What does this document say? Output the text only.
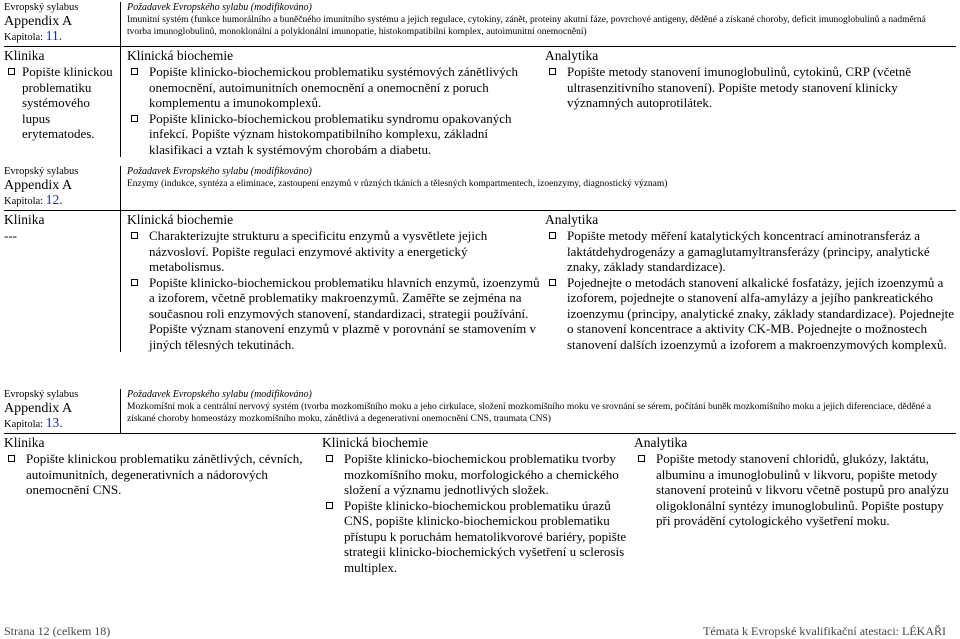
Evropský sylabus
Appendix A
Kapitola: 11.
Požadavek Evropského sylabu (modifikováno)
Imunitní systém (funkce humorálního a buněčného imunitního systému a jejich regulace, cytokiny, zánět, proteiny akutní fáze, povrchové antigeny, děděné a získané choroby, deficit imunoglobulinů a nadměrná tvorba imunoglobulinů, monoklonální a polyklonální imunopatie, histokompatibilní komplex, autoimunitní onemocnění)
Klinika
Popište klinickou problematiku systémového lupus erytematodes.
Klinická biochemie
Popište klinicko-biochemickou problematiku systémových zánětlivých onemocnění, autoimunitních onemocnění a onemocnění z poruch komplementu a imunokomplexů.
Popište klinicko-biochemickou problematiku syndromu opakovaných infekcí. Popište význam histokompatibilního komplexu, základní klasifikaci a vztah k systémovým chorobám a diabetu.
Analytika
Popište metody stanovení imunoglobulinů, cytokinů, CRP (včetně ultrasenzitivního stanovení). Popište metody stanovení klinicky významných autoprotilátek.
Evropský sylabus
Appendix A
Kapitola: 12.
Požadavek Evropského sylabu (modifikováno)
Enzymy (indukce, syntéza a eliminace, zastoupení enzymů v různých tkáních a tělesných kompartmentech, izoenzymy, diagnostický význam)
Klinika
---
Klinická biochemie
Charakterizujte strukturu a specificitu enzymů a vysvětlete jejich názvosloví. Popište regulaci enzymové aktivity a energetický metabolismus.
Popište klinicko-biochemickou problematiku hlavních enzymů, izoenzymů a izoforem, včetně problematiky makroenzymů. Zaměřte se zejména na současnou roli enzymových stanovení, standardizaci, strategii používání. Popište význam stanovení enzymů v plazmě v porovnání se stamovením v jiných tělesných tekutinách.
Analytika
Popište metody měření katalytických koncentrací aminotransferáz a laktátdehydrogenázy a gamaglutamyltransferázy (principy, analytické znaky, základy standardizace).
Pojednejte o metodách stanovení alkalické fosfatázy, jejích izoenzymů a izoforem, pojednejte o stanovení alfa-amylázy a jejího pankreatického izoenzymu (principy, analytické znaky, základy standardizace). Pojednejte o stanovení koncentrace a aktivity CK-MB. Pojednejte o možnostech stanovení dalších izoenzymů a izoforem a makroenzymových komplexů.
Evropský sylabus
Appendix A
Kapitola: 13.
Požadavek Evropského sylabu (modifikováno)
Mozkomíšní mok a centrální nervový systém (tvorba mozkomíšního moku a jeho cirkulace, složení mozkomíšního moku ve srovnání se sérem, počítání buněk mozkomíšního moku a jejich diferenciace, děděné a získané choroby homeostázy mozkomíšního moku, zánětlivá a degenerativní onemocnění CNS, traumata CNS)
Klinika
Popište klinickou problematiku zánětlivých, cévních, autoimunitních, degenerativních a nádorových onemocnění CNS.
Klinická biochemie
Popište klinicko-biochemickou problematiku tvorby mozkomíšního moku, morfologického a chemického složení a významu jednotlivých složek.
Popište klinicko-biochemickou problematiku úrazů CNS, popište klinicko-biochemickou problematiku přístupu k poruchám hematolikvorové bariéry, popište strategii klinicko-biochemických vyšetření u sclerosis multiplex.
Analytika
Popište metody stanovení chloridů, glukózy, laktátu, albuminu a imunoglobulinů v likvoru, popište metody stanovení proteinů v likvoru včetně postupů pro analýzu oligoklonální syntézy imunoglobulinů. Popište postupy při provádění cytologického vyšetření moku.
Strana 12 (celkem 18)	Témata k Evropské kvalifikační atestaci: LÉKAŘI
